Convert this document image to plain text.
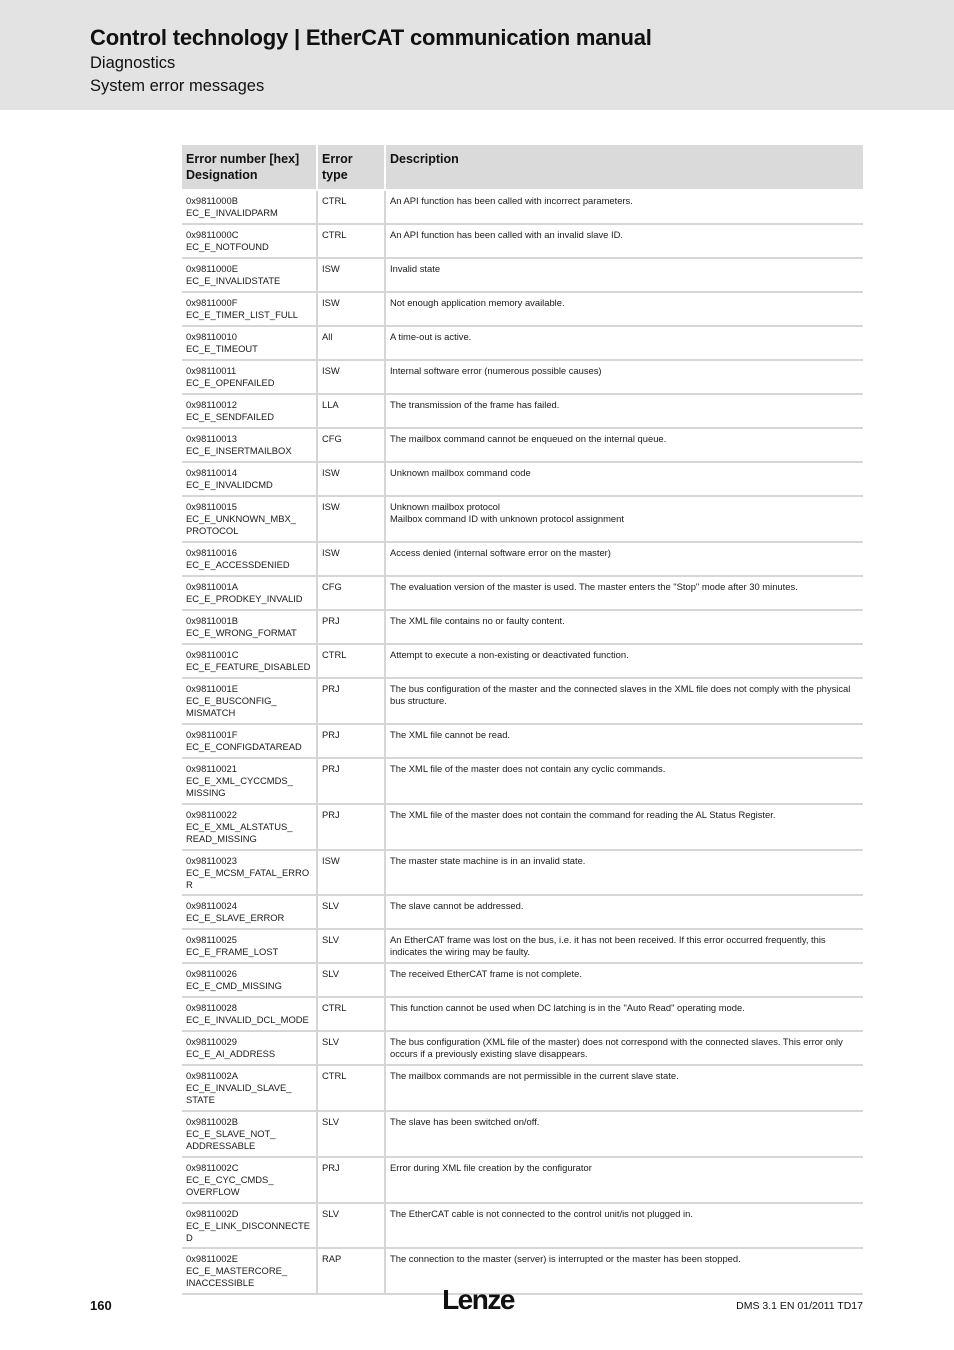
Control technology | EtherCAT communication manual
Diagnostics
System error messages
Error number [hex]
Designation	Error type	Description
0x9811000B
EC_E_INVALIDPARM	CTRL	An API function has been called with incorrect parameters.
0x9811000C
EC_E_NOTFOUND	CTRL	An API function has been called with an invalid slave ID.
0x9811000E
EC_E_INVALIDSTATE	ISW	Invalid state
0x9811000F
EC_E_TIMER_LIST_FULL	ISW	Not enough application memory available.
0x98110010
EC_E_TIMEOUT	All	A time-out is active.
0x98110011
EC_E_OPENFAILED	ISW	Internal software error (numerous possible causes)
0x98110012
EC_E_SENDFAILED	LLA	The transmission of the frame has failed.
0x98110013
EC_E_INSERTMAILBOX	CFG	The mailbox command cannot be enqueued on the internal queue.
0x98110014
EC_E_INVALIDCMD	ISW	Unknown mailbox command code
0x98110015
EC_E_UNKNOWN_MBX_
PROTOCOL	ISW	Unknown mailbox protocol
Mailbox command ID with unknown protocol assignment
0x98110016
EC_E_ACCESSDENIED	ISW	Access denied (internal software error on the master)
0x9811001A
EC_E_PRODKEY_INVALID	CFG	The evaluation version of the master is used. The master enters the "Stop" mode after 30 minutes.
0x9811001B
EC_E_WRONG_FORMAT	PRJ	The XML file contains no or faulty content.
0x9811001C
EC_E_FEATURE_DISABLED	CTRL	Attempt to execute a non-existing or deactivated function.
0x9811001E
EC_E_BUSCONFIG_
MISMATCH	PRJ	The bus configuration of the master and the connected slaves in the XML file does not comply with the physical bus structure.
0x9811001F
EC_E_CONFIGDATAREAD	PRJ	The XML file cannot be read.
0x98110021
EC_E_XML_CYCCMDS_
MISSING	PRJ	The XML file of the master does not contain any cyclic commands.
0x98110022
EC_E_XML_ALSTATUS_
READ_MISSING	PRJ	The XML file of the master does not contain the command for reading the AL Status Register.
0x98110023
EC_E_MCSM_FATAL_ERROR	ISW	The master state machine is in an invalid state.
0x98110024
EC_E_SLAVE_ERROR	SLV	The slave cannot be addressed.
0x98110025
EC_E_FRAME_LOST	SLV	An EtherCAT frame was lost on the bus, i.e. it has not been received. If this error occurred frequently, this indicates the wiring may be faulty.
0x98110026
EC_E_CMD_MISSING	SLV	The received EtherCAT frame is not complete.
0x98110028
EC_E_INVALID_DCL_MODE	CTRL	This function cannot be used when DC latching is in the "Auto Read" operating mode.
0x98110029
EC_E_AI_ADDRESS	SLV	The bus configuration (XML file of the master) does not correspond with the connected slaves. This error only occurs if a previously existing slave disappears.
0x9811002A
EC_E_INVALID_SLAVE_
STATE	CTRL	The mailbox commands are not permissible in the current slave state.
0x9811002B
EC_E_SLAVE_NOT_
ADDRESSABLE	SLV	The slave has been switched on/off.
0x9811002C
EC_E_CYC_CMDS_
OVERFLOW	PRJ	Error during XML file creation by the configurator
0x9811002D
EC_E_LINK_DISCONNECTED	SLV	The EtherCAT cable is not connected to the control unit/is not plugged in.
0x9811002E
EC_E_MASTERCORE_
INACCESSIBLE	RAP	The connection to the master (server) is interrupted or the master has been stopped.
160	Lenze	DMS 3.1 EN 01/2011 TD17
